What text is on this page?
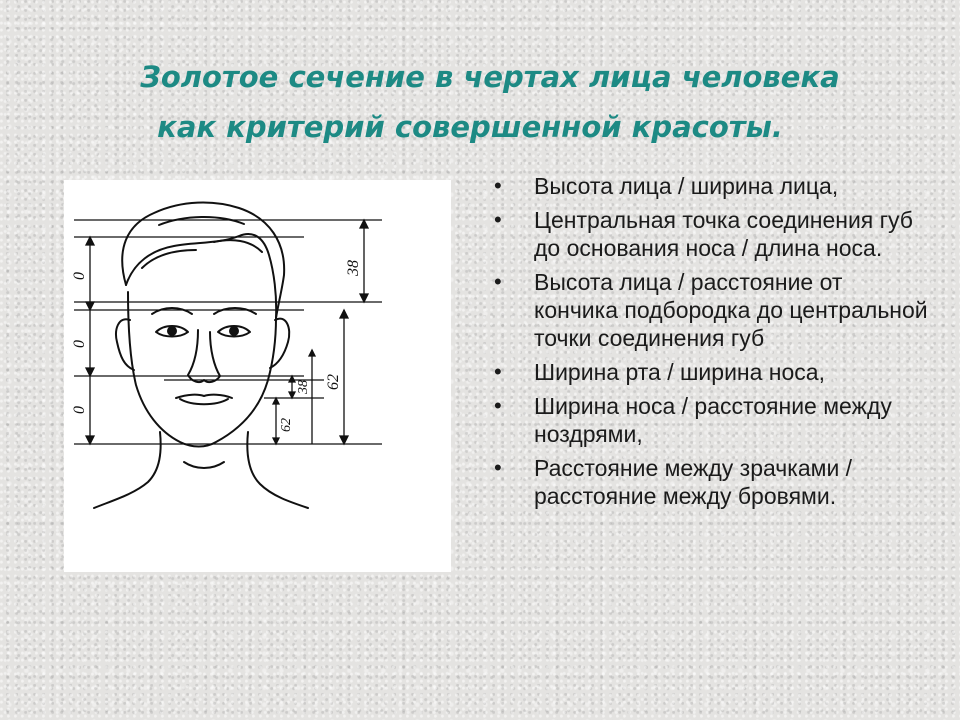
Золотое сечение в чертах лица человека
как критерий совершенной красоты.
0
0
0
38
62
38
62
• Высота лица / ширина лица,
• Центральная точка соединения губ до основания носа / длина носа.
• Высота лица / расстояние от кончика подбородка до центральной точки соединения губ
• Ширина рта / ширина носа,
• Ширина носа / расстояние между ноздрями,
• Расстояние между зрачками / расстояние между бровями.
